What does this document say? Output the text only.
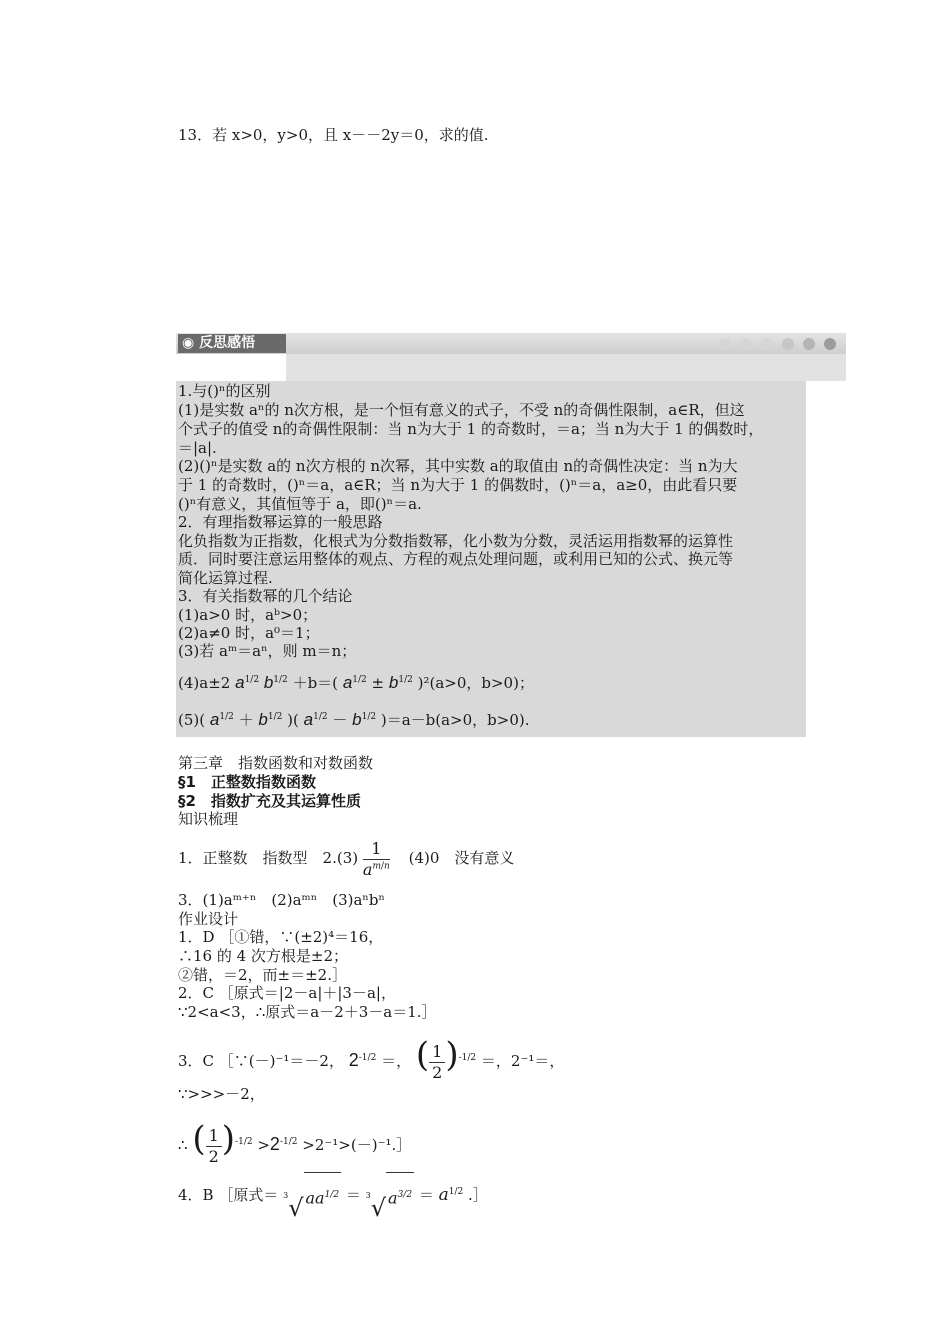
13．若 x>0，y>0，且 x－－2y＝0，求的值.
◉ 反思感悟
1.与()ⁿ的区别
(1)是实数 aⁿ的 n次方根，是一个恒有意义的式子，不受 n的奇偶性限制，a∈R，但这
个式子的值受 n的奇偶性限制：当 n为大于 1 的奇数时，＝a；当 n为大于 1 的偶数时，
＝|a|.
(2)()ⁿ是实数 a的 n次方根的 n次幂，其中实数 a的取值由 n的奇偶性决定：当 n为大
于 1 的奇数时，()ⁿ＝a，a∈R；当 n为大于 1 的偶数时，()ⁿ＝a，a≥0，由此看只要
()ⁿ有意义，其值恒等于 a，即()ⁿ＝a.
2．有理指数幂运算的一般思路
化负指数为正指数，化根式为分数指数幂，化小数为分数，灵活运用指数幂的运算性
质．同时要注意运用整体的观点、方程的观点处理问题，或利用已知的公式、换元等
简化运算过程.
3．有关指数幂的几个结论
(1)a>0 时，aᵇ>0；
(2)a≠0 时，a⁰＝1；
(3)若 aᵐ＝aⁿ，则 m＝n；
(4)a±2 $a^{1/2}$ $b^{1/2} +b=$( $a^{1/2} \pm b^{1/2}$ )²(a>0，b>0)；
(5)( $a^{1/2} + b^{1/2}$ )( $a^{1/2} - b^{1/2}$ )＝a－b(a>0，b>0).
第三章　指数函数和对数函数
§1　正整数指数函数
§2　指数扩充及其运算性质
知识梳理
1．正整数　指数型　$2.(3) \frac{1}{a^{m/n}} (4)0$　没有意义
3．(1)aᵐ⁺ⁿ　(2)aᵐⁿ　(3)aⁿbⁿ
作业设计
1．D ［①错，∵(±2)⁴＝16，
∴16 的 4 次方根是±2；
②错，＝2，而±＝±2.］
2．C ［原式＝|2－a|＋|3－a|，
∵2<a<3，∴原式＝a－2＋3－a＝1.］
3．C ［∵(－)⁻¹＝－2， $2^{-1/2}$ ＝， ( $\frac{1}{2} )^{-1/2}$ ＝，2⁻¹＝，
∵>>>－2，
∴ ( $\frac{1}{2} )^{-1/2} >2^{-1/2}$ >2⁻¹>(－)⁻¹.］
4．B ［原式＝ 3 √ $aa^{1/2} = 3$ √ $a^{3/2} = a^{1/2}$ .］
